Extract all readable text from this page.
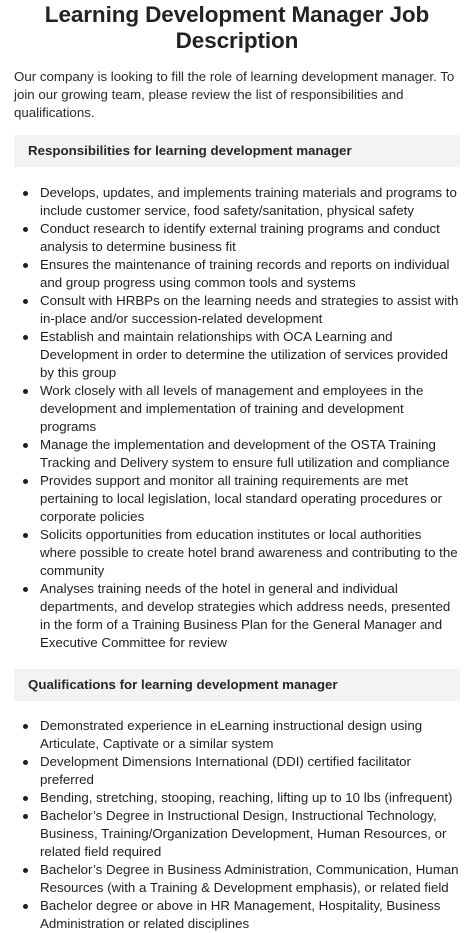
Learning Development Manager Job Description

Our company is looking to fill the role of learning development manager. To join our growing team, please review the list of responsibilities and qualifications.

Responsibilities for learning development manager
Develops, updates, and implements training materials and programs to include customer service, food safety/sanitation, physical safety
Conduct research to identify external training programs and conduct analysis to determine business fit
Ensures the maintenance of training records and reports on individual and group progress using common tools and systems
Consult with HRBPs on the learning needs and strategies to assist with in-place and/or succession-related development
Establish and maintain relationships with OCA Learning and Development in order to determine the utilization of services provided by this group
Work closely with all levels of management and employees in the development and implementation of training and development programs
Manage the implementation and development of the OSTA Training Tracking and Delivery system to ensure full utilization and compliance
Provides support and monitor all training requirements are met pertaining to local legislation, local standard operating procedures or corporate policies
Solicits opportunities from education institutes or local authorities where possible to create hotel brand awareness and contributing to the community
Analyses training needs of the hotel in general and individual departments, and develop strategies which address needs, presented in the form of a Training Business Plan for the General Manager and Executive Committee for review
Qualifications for learning development manager
Demonstrated experience in eLearning instructional design using Articulate, Captivate or a similar system
Development Dimensions International (DDI) certified facilitator preferred
Bending, stretching, stooping, reaching, lifting up to 10 lbs (infrequent)
Bachelor’s Degree in Instructional Design, Instructional Technology, Business, Training/Organization Development, Human Resources, or related field required
Bachelor’s Degree in Business Administration, Communication, Human Resources (with a Training & Development emphasis), or related field
Bachelor degree or above in HR Management, Hospitality, Business Administration or related disciplines
